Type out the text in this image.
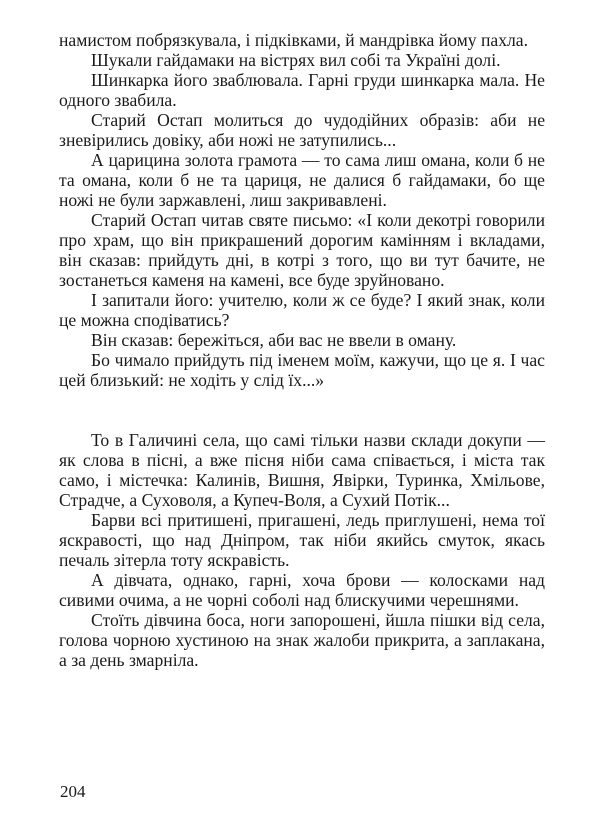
намистом побрязкувала, і підківками, й мандрівка йому пахла.

Шукали гайдамаки на вістрях вил собі та Україні долі.

Шинкарка його зваблювала. Гарні груди шинкарка мала. Не одного звабила.

Старий Остап молиться до чудодійних образів: аби не зневірились довіку, аби ножі не затупились...

А царицина золота грамота — то сама лиш омана, коли б не та омана, коли б не та цариця, не далися б гайдамаки, бо ще ножі не були заржавлені, лиш закривавлені.

Старий Остап читав святе письмо: «І коли декотрі говорили про храм, що він прикрашений дорогим камінням і вкладами, він сказав: прийдуть дні, в котрі з того, що ви тут бачите, не зостанеться каменя на камені, все буде зруйновано.

І запитали його: учителю, коли ж се буде? І який знак, коли це можна сподіватись?

Він сказав: бережіться, аби вас не ввели в оману.

Бо чимало прийдуть під іменем моїм, кажучи, що це я. І час цей близький: не ходіть у слід їх...»

То в Галичині села, що самі тільки назви склади докупи — як слова в пісні, а вже пісня ніби сама співається, і міста так само, і містечка: Калинів, Вишня, Явірки, Туринка, Хмільове, Страдче, а Суховоля, а Купеч-Воля, а Сухий Потік...

Барви всі притишені, пригашені, ледь приглушені, нема тої яскравості, що над Дніпром, так ніби якийсь смуток, якась печаль зітерла тоту яскравість.

А дівчата, однако, гарні, хоча брови — колосками над сивими очима, а не чорні соболі над блискучими черешнями.

Стоїть дівчина боса, ноги запорошені, йшла пішки від села, голова чорною хустиною на знак жалоби прикрита, а заплакана, а за день змарніла.

204
